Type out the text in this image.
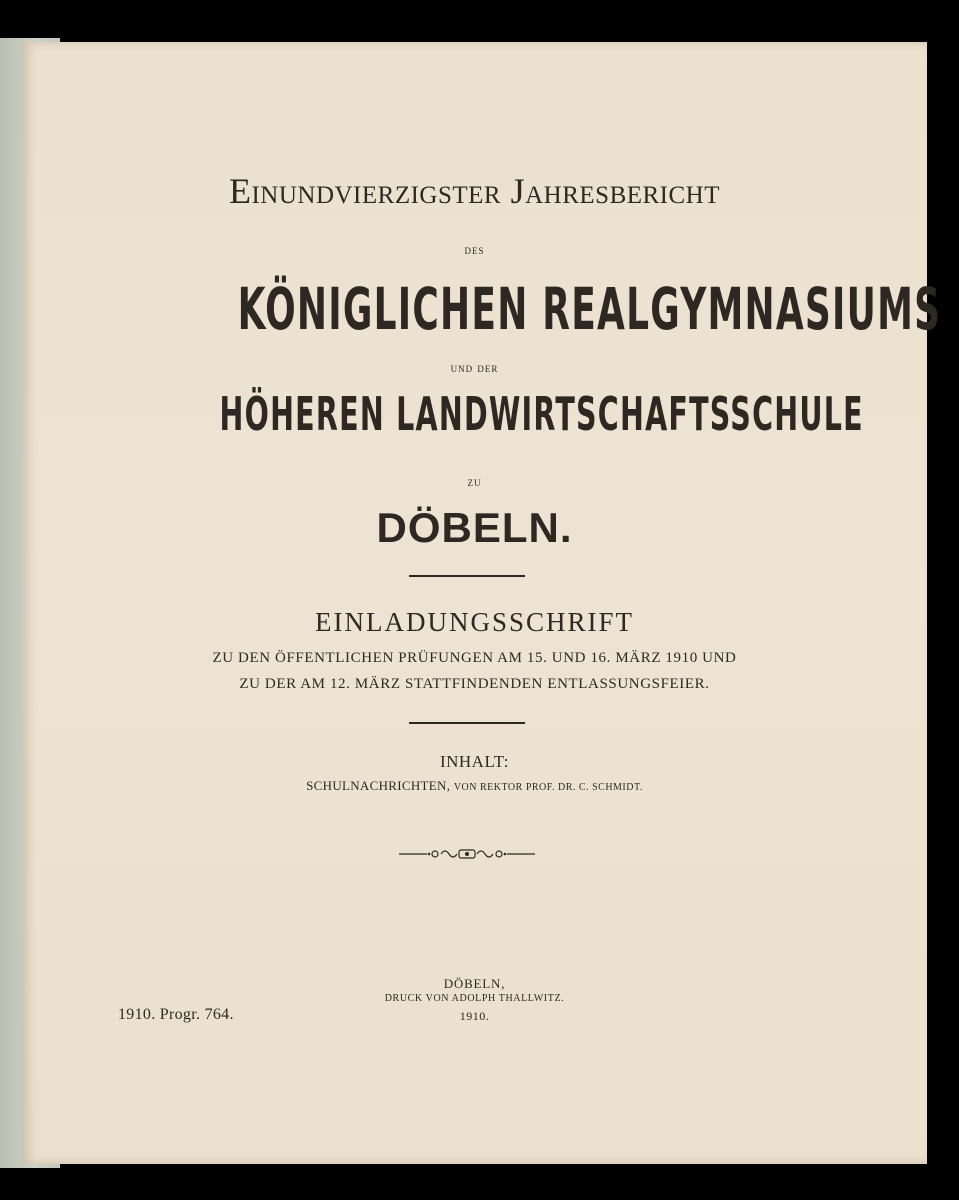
Einundvierzigster Jahresbericht
des
KÖNIGLICHEN REALGYMNASIUMS
und der
HÖHEREN LANDWIRTSCHAFTSSCHULE
zu
DÖBELN.
EINLADUNGSSCHRIFT
ZU DEN ÖFFENTLICHEN PRÜFUNGEN AM 15. UND 16. MÄRZ 1910 UND
ZU DER AM 12. MÄRZ STATTFINDENDEN ENTLASSUNGSFEIER.
INHALT:
SCHULNACHRICHTEN, VON REKTOR PROF. DR. C. SCHMIDT.
DÖBELN,
DRUCK VON ADOLPH THALLWITZ.
1910.
1910. Progr. 764.
